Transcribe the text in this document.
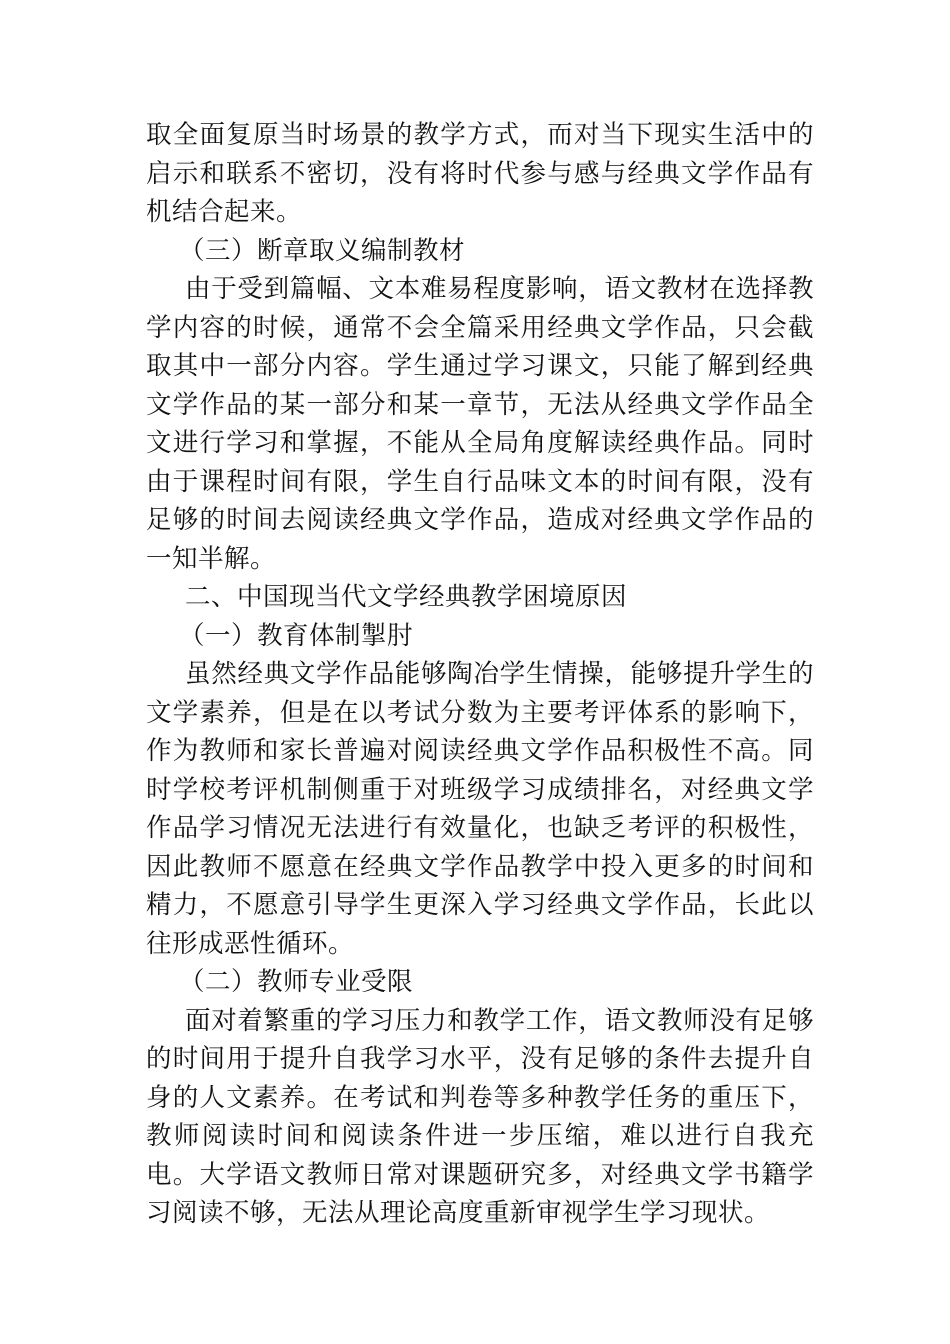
取全面复原当时场景的教学方式，而对当下现实生活中的启示和联系不密切，没有将时代参与感与经典文学作品有机结合起来。

（三）断章取义编制教材

由于受到篇幅、文本难易程度影响，语文教材在选择教学内容的时候，通常不会全篇采用经典文学作品，只会截取其中一部分内容。学生通过学习课文，只能了解到经典文学作品的某一部分和某一章节，无法从经典文学作品全文进行学习和掌握，不能从全局角度解读经典作品。同时由于课程时间有限，学生自行品味文本的时间有限，没有足够的时间去阅读经典文学作品，造成对经典文学作品的一知半解。

二、中国现当代文学经典教学困境原因

（一）教育体制掣肘

虽然经典文学作品能够陶冶学生情操，能够提升学生的文学素养，但是在以考试分数为主要考评体系的影响下，作为教师和家长普遍对阅读经典文学作品积极性不高。同时学校考评机制侧重于对班级学习成绩排名，对经典文学作品学习情况无法进行有效量化，也缺乏考评的积极性，因此教师不愿意在经典文学作品教学中投入更多的时间和精力，不愿意引导学生更深入学习经典文学作品，长此以往形成恶性循环。

（二）教师专业受限

面对着繁重的学习压力和教学工作，语文教师没有足够的时间用于提升自我学习水平，没有足够的条件去提升自身的人文素养。在考试和判卷等多种教学任务的重压下，教师阅读时间和阅读条件进一步压缩，难以进行自我充电。大学语文教师日常对课题研究多，对经典文学书籍学习阅读不够，无法从理论高度重新审视学生学习现状。
